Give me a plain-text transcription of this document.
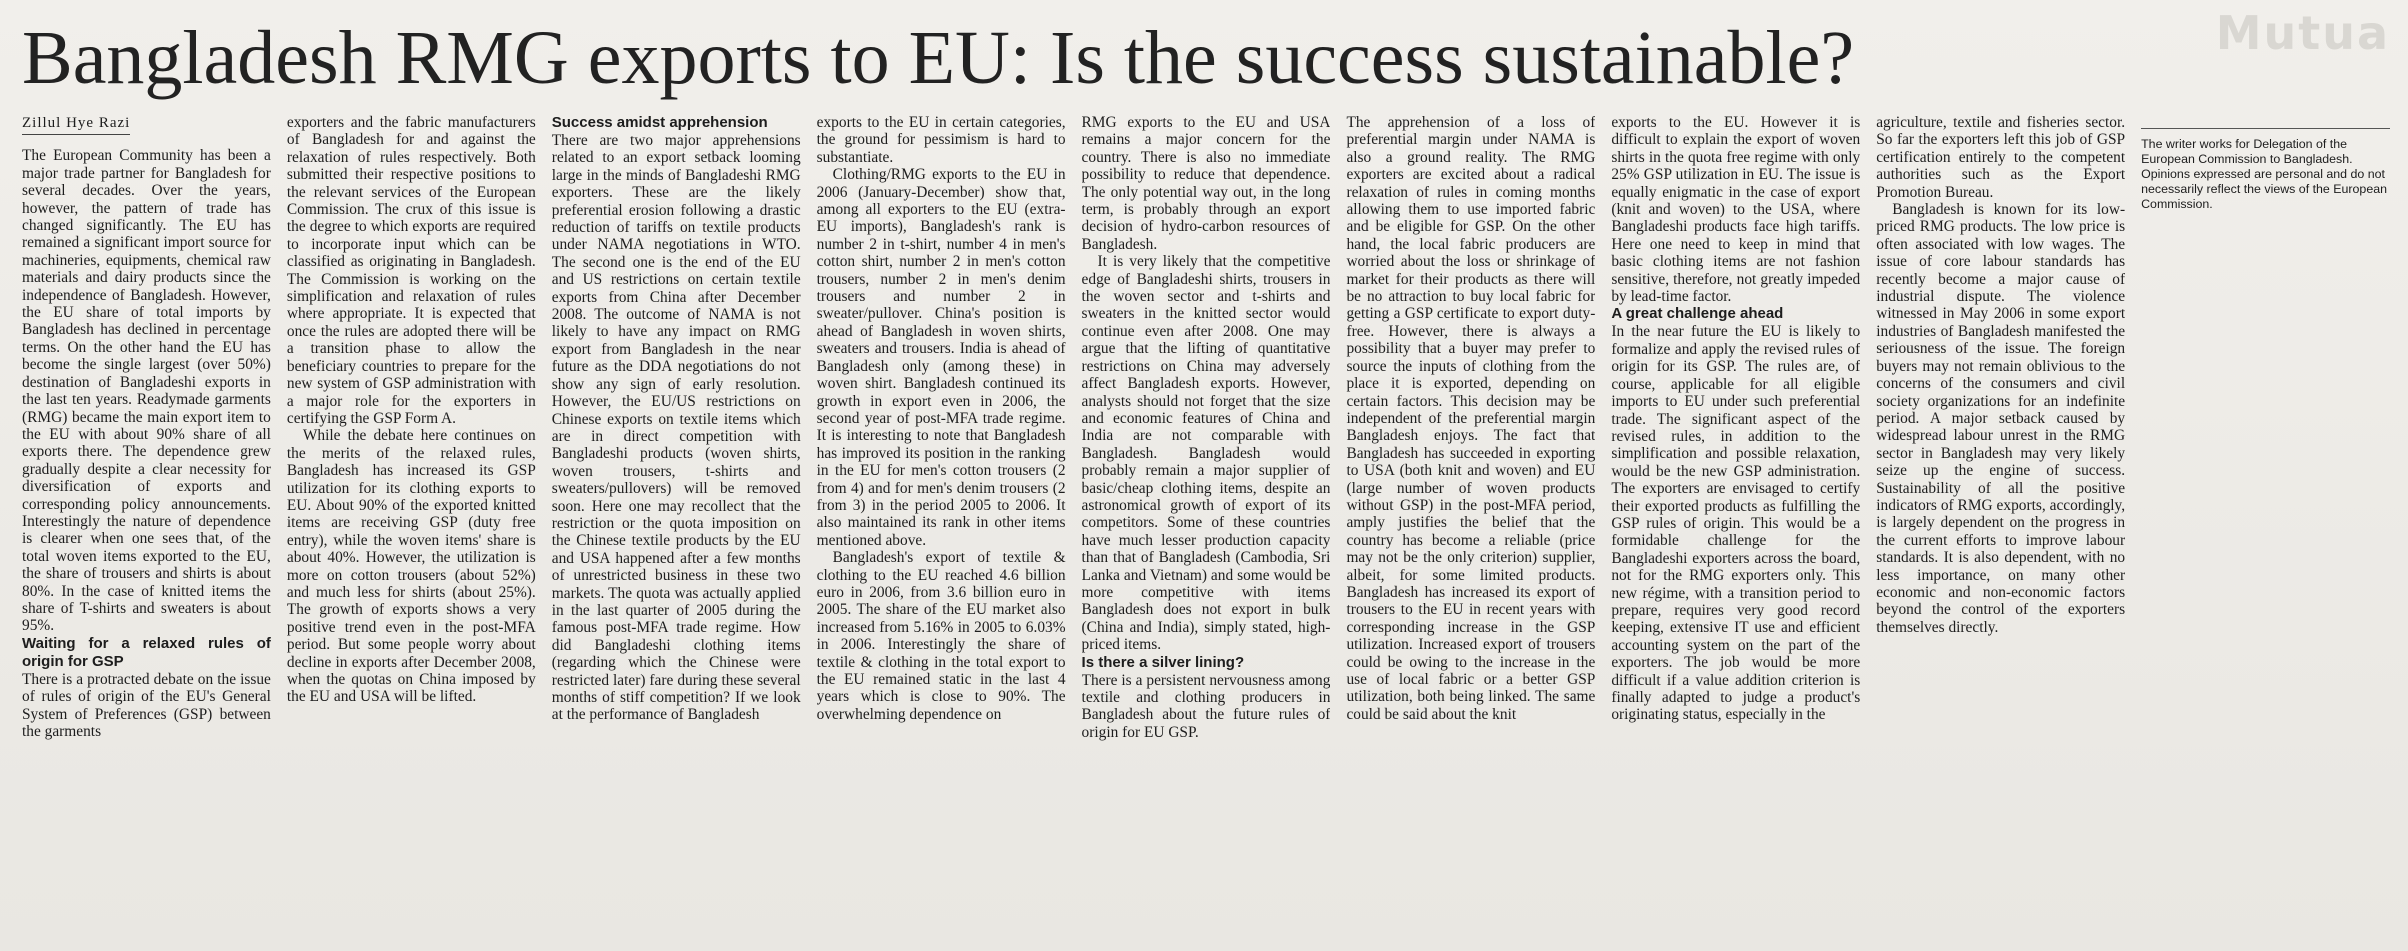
Mutua
Bangladesh RMG exports to EU: Is the success sustainable?
Zillul Hye Razi

The European Community has been a major trade partner for Bangladesh for several decades. Over the years, however, the pattern of trade has changed significantly. The EU has remained a significant import source for machineries, equipments, chemical raw materials and dairy products since the independence of Bangladesh. However, the EU share of total imports by Bangladesh has declined in percentage terms. On the other hand the EU has become the single largest (over 50%) destination of Bangladeshi exports in the last ten years. Readymade garments (RMG) became the main export item to the EU with about 90% share of all exports there. The dependence grew gradually despite a clear necessity for diversification of exports and corresponding policy announcements. Interestingly the nature of dependence is clearer when one sees that, of the total woven items exported to the EU, the share of trousers and shirts is about 80%. In the case of knitted items the share of T-shirts and sweaters is about 95%.

Waiting for a relaxed rules of origin for GSP

There is a protracted debate on the issue of rules of origin of the EU's General System of Preferences (GSP) between the garments

exporters and the fabric manufacturers of Bangladesh for and against the relaxation of rules respectively. Both submitted their respective positions to the relevant services of the European Commission. The crux of this issue is the degree to which exports are required to incorporate input which can be classified as originating in Bangladesh. The Commission is working on the simplification and relaxation of rules where appropriate. It is expected that once the rules are adopted there will be a transition phase to allow the beneficiary countries to prepare for the new system of GSP administration with a major role for the exporters in certifying the GSP Form A.

While the debate here continues on the merits of the relaxed rules, Bangladesh has increased its GSP utilization for its clothing exports to EU. About 90% of the exported knitted items are receiving GSP (duty free entry), while the woven items' share is about 40%. However, the utilization is more on cotton trousers (about 52%) and much less for shirts (about 25%). The growth of exports shows a very positive trend even in the post-MFA period. But some people worry about decline in exports after December 2008, when the quotas on China imposed by the EU and USA will be lifted.

Success amidst apprehension

There are two major apprehensions related to an export setback looming large in the minds of Bangladeshi RMG exporters. These are the likely preferential erosion following a drastic reduction of tariffs on textile products under NAMA negotiations in WTO. The second one is the end of the EU and US restrictions on certain textile exports from China after December 2008. The outcome of NAMA is not likely to have any impact on RMG export from Bangladesh in the near future as the DDA negotiations do not show any sign of early resolution. However, the EU/US restrictions on Chinese exports on textile items which are in direct competition with Bangladeshi products (woven shirts, woven trousers, t-shirts and sweaters/pullovers) will be removed soon. Here one may recollect that the restriction or the quota imposition on the Chinese textile products by the EU and USA happened after a few months of unrestricted business in these two markets. The quota was actually applied in the last quarter of 2005 during the famous post-MFA trade regime. How did Bangladeshi clothing items (regarding which the Chinese were restricted later) fare during these several months of stiff competition? If we look at the performance of Bangladesh

exports to the EU in certain categories, the ground for pessimism is hard to substantiate.

Clothing/RMG exports to the EU in 2006 (January-December) show that, among all exporters to the EU (extra-EU imports), Bangladesh's rank is number 2 in t-shirt, number 4 in men's cotton shirt, number 2 in men's cotton trousers, number 2 in men's denim trousers and number 2 in sweater/pullover. China's position is ahead of Bangladesh in woven shirts, sweaters and trousers. India is ahead of Bangladesh only (among these) in woven shirt. Bangladesh continued its growth in export even in 2006, the second year of post-MFA trade regime. It is interesting to note that Bangladesh has improved its position in the ranking in the EU for men's cotton trousers (2 from 4) and for men's denim trousers (2 from 3) in the period 2005 to 2006. It also maintained its rank in other items mentioned above.

Bangladesh's export of textile & clothing to the EU reached 4.6 billion euro in 2006, from 3.6 billion euro in 2005. The share of the EU market also increased from 5.16% in 2005 to 6.03% in 2006. Interestingly the share of textile & clothing in the total export to the EU remained static in the last 4 years which is close to 90%. The overwhelming dependence on

RMG exports to the EU and USA remains a major concern for the country. There is also no immediate possibility to reduce that dependence. The only potential way out, in the long term, is probably through an export decision of hydro-carbon resources of Bangladesh.

It is very likely that the competitive edge of Bangladeshi shirts, trousers in the woven sector and t-shirts and sweaters in the knitted sector would continue even after 2008. One may argue that the lifting of quantitative restrictions on China may adversely affect Bangladesh exports. However, analysts should not forget that the size and economic features of China and India are not comparable with Bangladesh. Bangladesh would probably remain a major supplier of basic/cheap clothing items, despite an astronomical growth of export of its competitors. Some of these countries have much lesser production capacity than that of Bangladesh (Cambodia, Sri Lanka and Vietnam) and some would be more competitive with items Bangladesh does not export in bulk (China and India), simply stated, high-priced items.

Is there a silver lining?

There is a persistent nervousness among textile and clothing producers in Bangladesh about the future rules of origin for EU GSP.

The apprehension of a loss of preferential margin under NAMA is also a ground reality. The RMG exporters are excited about a radical relaxation of rules in coming months allowing them to use imported fabric and be eligible for GSP. On the other hand, the local fabric producers are worried about the loss or shrinkage of market for their products as there will be no attraction to buy local fabric for getting a GSP certificate to export duty-free. However, there is always a possibility that a buyer may prefer to source the inputs of clothing from the place it is exported, depending on certain factors. This decision may be independent of the preferential margin Bangladesh enjoys. The fact that Bangladesh has succeeded in exporting to USA (both knit and woven) and EU (large number of woven products without GSP) in the post-MFA period, amply justifies the belief that the country has become a reliable (price may not be the only criterion) supplier, albeit, for some limited products. Bangladesh has increased its export of trousers to the EU in recent years with corresponding increase in the GSP utilization. Increased export of trousers could be owing to the increase in the use of local fabric or a better GSP utilization, both being linked. The same could be said about the knit

exports to the EU. However it is difficult to explain the export of woven shirts in the quota free regime with only 25% GSP utilization in EU. The issue is equally enigmatic in the case of export (knit and woven) to the USA, where Bangladeshi products face high tariffs. Here one need to keep in mind that basic clothing items are not fashion sensitive, therefore, not greatly impeded by lead-time factor.

A great challenge ahead

In the near future the EU is likely to formalize and apply the revised rules of origin for its GSP. The rules are, of course, applicable for all eligible imports to EU under such preferential trade. The significant aspect of the revised rules, in addition to the simplification and possible relaxation, would be the new GSP administration. The exporters are envisaged to certify their exported products as fulfilling the GSP rules of origin. This would be a formidable challenge for the Bangladeshi exporters across the board, not for the RMG exporters only. This new régime, with a transition period to prepare, requires very good record keeping, extensive IT use and efficient accounting system on the part of the exporters. The job would be more difficult if a value addition criterion is finally adapted to judge a product's originating status, especially in the

agriculture, textile and fisheries sector. So far the exporters left this job of GSP certification entirely to the competent authorities such as the Export Promotion Bureau.

Bangladesh is known for its low-priced RMG products. The low price is often associated with low wages. The issue of core labour standards has recently become a major cause of industrial dispute. The violence witnessed in May 2006 in some export industries of Bangladesh manifested the seriousness of the issue. The foreign buyers may not remain oblivious to the concerns of the consumers and civil society organizations for an indefinite period. A major setback caused by widespread labour unrest in the RMG sector in Bangladesh may very likely seize up the engine of success. Sustainability of all the positive indicators of RMG exports, accordingly, is largely dependent on the progress in the current efforts to improve labour standards. It is also dependent, with no less importance, on many other economic and non-economic factors beyond the control of the exporters themselves directly.

The writer works for Delegation of the European Commission to Bangladesh. Opinions expressed are personal and do not necessarily reflect the views of the European Commission.
